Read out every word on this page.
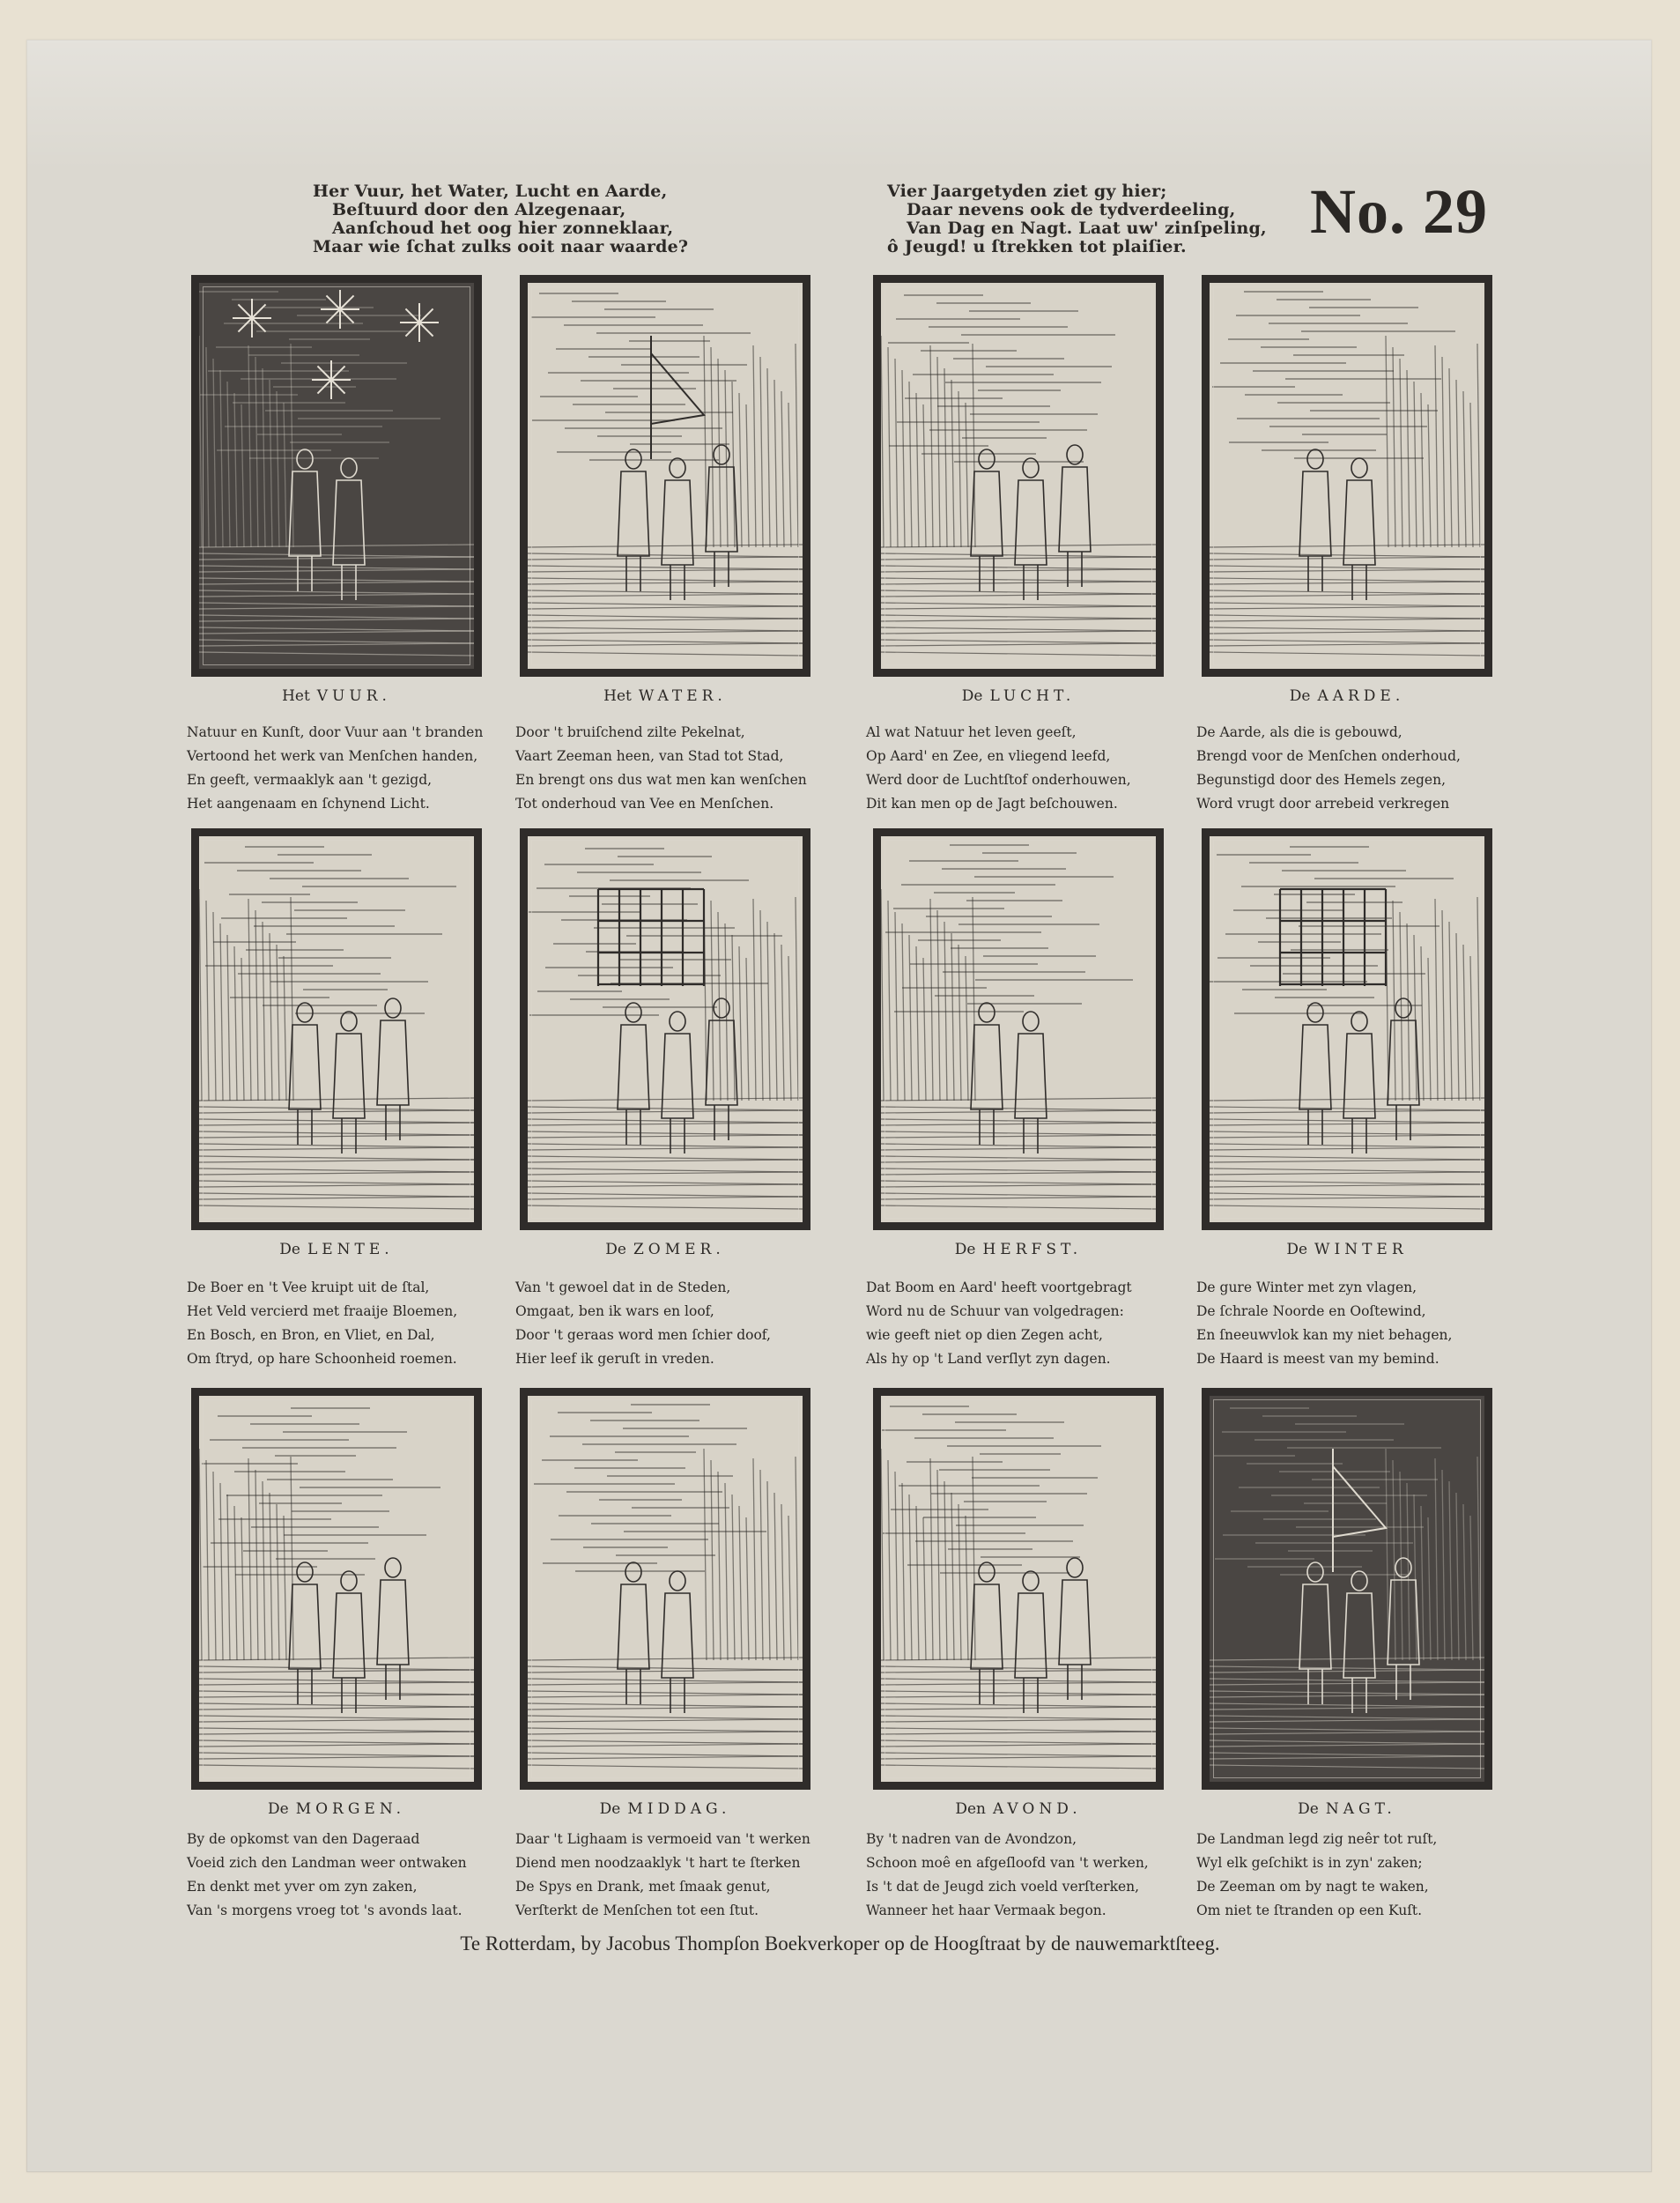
Her Vuur, het Water, Lucht en Aarde,
Beſtuurd door den Alzegenaar,
Aanſchoud het oog hier zonneklaar,
Maar wie ſchat zulks ooit naar waarde?
Vier Jaargetyden ziet gy hier;
Daar nevens ook de tydverdeeling,
Van Dag en Nagt. Laat uw' zinſpeling,
ô Jeugd! u ſtrekken tot plaiſier.	No. 29
Het VUUR.
Natuur en Kunſt, door Vuur aan 't branden
Vertoond het werk van Menſchen handen,
En geeft, vermaaklyk aan 't gezigd,
Het aangenaam en ſchynend Licht.
Het WATER.
Door 't bruiſchend zilte Pekelnat,
Vaart Zeeman heen, van Stad tot Stad,
En brengt ons dus wat men kan wenſchen
Tot onderhoud van Vee en Menſchen.
De LUCHT.
Al wat Natuur het leven geeſt,
Op Aard' en Zee, en vliegend leefd,
Werd door de Luchtſtof onderhouwen,
Dit kan men op de Jagt beſchouwen.
De AARDE.
De Aarde, als die is gebouwd,
Brengd voor de Menſchen onderhoud,
Begunstigd door des Hemels zegen,
Word vrugt door arrebeid verkregen
De LENTE.
De Boer en 't Vee kruipt uit de ſtal,
Het Veld vercierd met fraaije Bloemen,
En Bosch, en Bron, en Vliet, en Dal,
Om ſtryd, op hare Schoonheid roemen.
De ZOMER.
Van 't gewoel dat in de Steden,
Omgaat, ben ik wars en loof,
Door 't geraas word men ſchier doof,
Hier leef ik geruſt in vreden.
De HERFST.
Dat Boom en Aard' heeft voortgebragt
Word nu de Schuur van volgedragen:
wie geeft niet op dien Zegen acht,
Als hy op 't Land verſlyt zyn dagen.
De WINTER
De gure Winter met zyn vlagen,
De ſchrale Noorde en Ooſtewind,
En ſneeuwvlok kan my niet behagen,
De Haard is meest van my bemind.
De MORGEN.
By de opkomst van den Dageraad
Voeid zich den Landman weer ontwaken
En denkt met yver om zyn zaken,
Van 's morgens vroeg tot 's avonds laat.
De MIDDAG.
Daar 't Lighaam is vermoeid van 't werken
Diend men noodzaaklyk 't hart te ſterken
De Spys en Drank, met ſmaak genut,
Verſterkt de Menſchen tot een ſtut.
Den AVOND.
By 't nadren van de Avondzon,
Schoon moê en afgeſloofd van 't werken,
Is 't dat de Jeugd zich voeld verſterken,
Wanneer het haar Vermaak begon.
De NAGT.
De Landman legd zig neêr tot ruſt,
Wyl elk geſchikt is in zyn' zaken;
De Zeeman om by nagt te waken,
Om niet te ſtranden op een Kuſt.
Te Rotterdam, by Jacobus Thompſon Boekverkoper op de Hoogſtraat by de nauwemarktſteeg.
